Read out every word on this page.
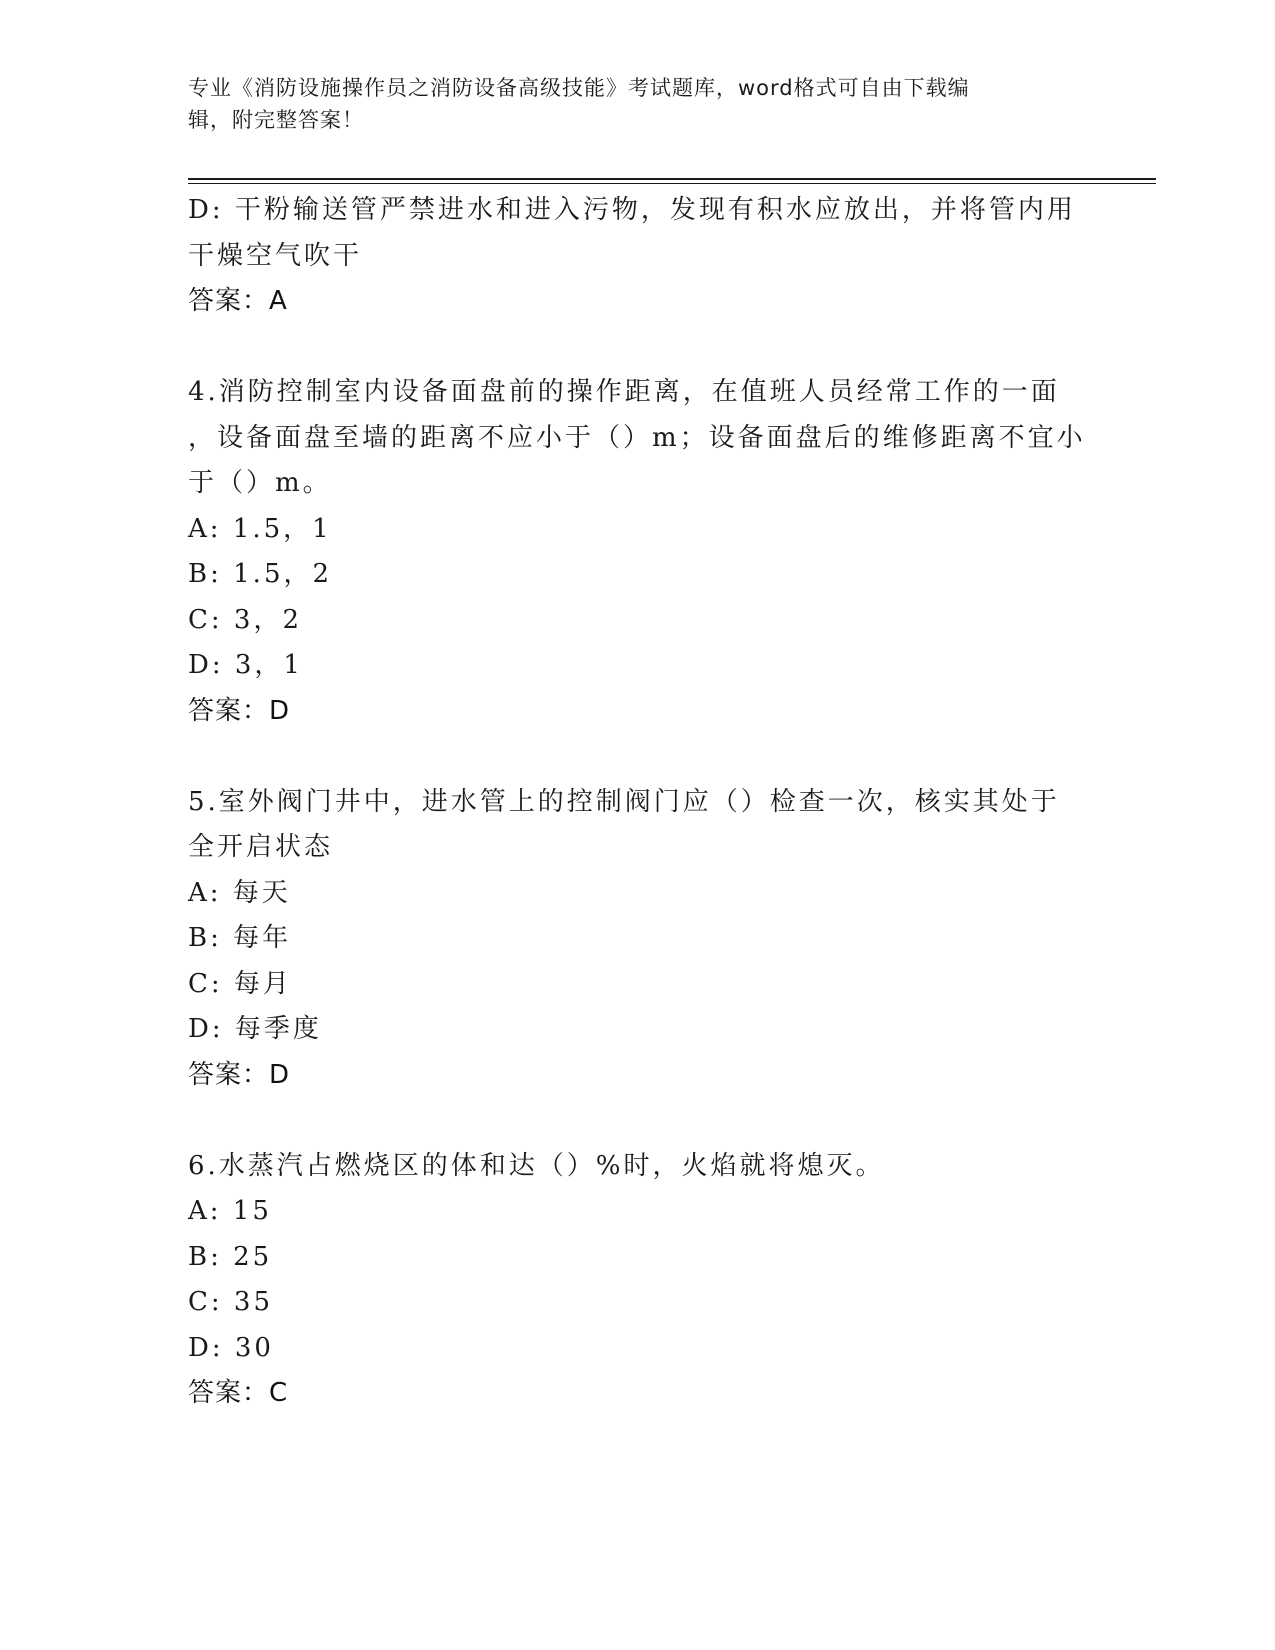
专业《消防设施操作员之消防设备高级技能》考试题库，word格式可自由下载编
辑，附完整答案！
D: 干粉输送管严禁进水和进入污物，发现有积水应放出，并将管内用
干燥空气吹干
答案：A
4.消防控制室内设备面盘前的操作距离，在值班人员经常工作的一面
，设备面盘至墙的距离不应小于（）m；设备面盘后的维修距离不宜小
于（）m。
A: 1.5，1
B: 1.5，2
C: 3，2
D: 3，1
答案：D
5.室外阀门井中，进水管上的控制阀门应（）检查一次，核实其处于
全开启状态
A: 每天
B: 每年
C: 每月
D: 每季度
答案：D
6.水蒸汽占燃烧区的体和达（）%时，火焰就将熄灭。
A: 15
B: 25
C: 35
D: 30
答案：C
